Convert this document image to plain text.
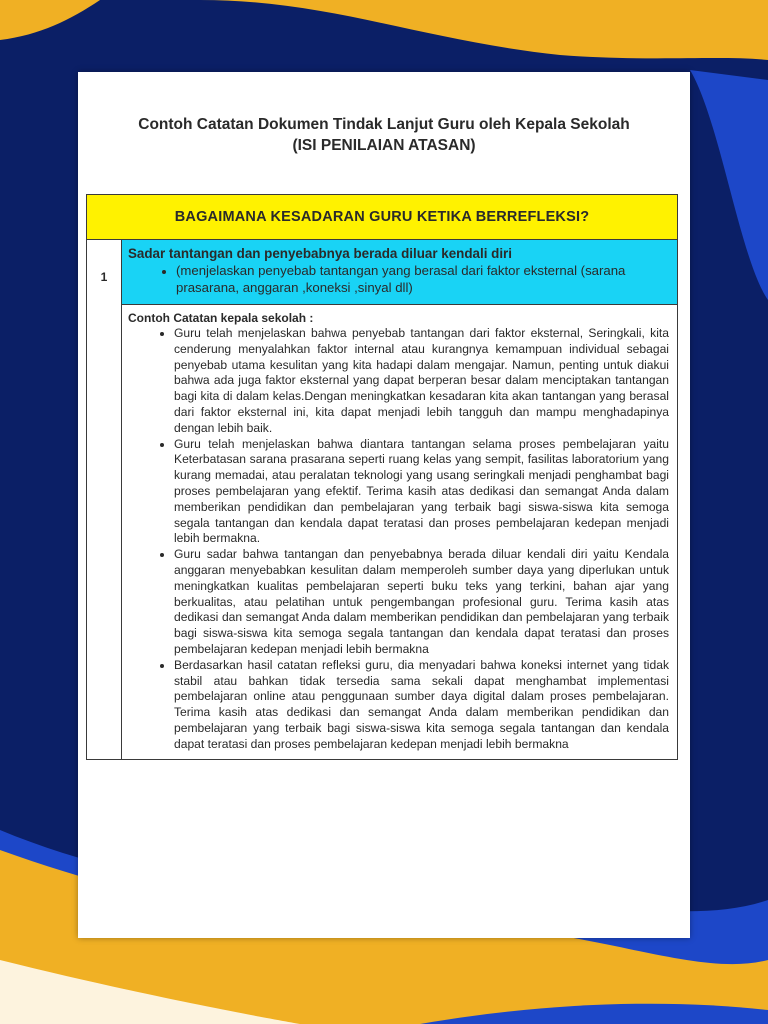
Contoh Catatan Dokumen Tindak Lanjut Guru oleh Kepala Sekolah
(ISI PENILAIAN ATASAN)
BAGAIMANA KESADARAN GURU KETIKA BERREFLEKSI?
1
Sadar tantangan dan penyebabnya berada diluar kendali diri
• (menjelaskan penyebab tantangan yang berasal dari faktor eksternal (sarana prasarana, anggaran ,koneksi ,sinyal dll)
Contoh Catatan kepala sekolah :
• Guru telah menjelaskan bahwa penyebab tantangan dari faktor eksternal, Seringkali, kita cenderung menyalahkan faktor internal atau kurangnya kemampuan individual sebagai penyebab utama kesulitan yang kita hadapi dalam mengajar. Namun, penting untuk diakui bahwa ada juga faktor eksternal yang dapat berperan besar dalam menciptakan tantangan bagi kita di dalam kelas.Dengan meningkatkan kesadaran kita akan tantangan yang berasal dari faktor eksternal ini, kita dapat menjadi lebih tangguh dan mampu menghadapinya dengan lebih baik.
• Guru telah menjelaskan bahwa diantara tantangan selama proses pembelajaran yaitu Keterbatasan sarana prasarana seperti ruang kelas yang sempit, fasilitas laboratorium yang kurang memadai, atau peralatan teknologi yang usang seringkali menjadi penghambat bagi proses pembelajaran yang efektif. Terima kasih atas dedikasi dan semangat Anda dalam memberikan pendidikan dan pembelajaran yang terbaik bagi siswa-siswa kita semoga segala tantangan dan kendala dapat teratasi dan proses pembelajaran kedepan menjadi lebih bermakna.
• Guru sadar bahwa tantangan dan penyebabnya berada diluar kendali diri yaitu Kendala anggaran menyebabkan kesulitan dalam memperoleh sumber daya yang diperlukan untuk meningkatkan kualitas pembelajaran seperti buku teks yang terkini, bahan ajar yang berkualitas, atau pelatihan untuk pengembangan profesional guru. Terima kasih atas dedikasi dan semangat Anda dalam memberikan pendidikan dan pembelajaran yang terbaik bagi siswa-siswa kita semoga segala tantangan dan kendala dapat teratasi dan proses pembelajaran kedepan menjadi lebih bermakna
• Berdasarkan hasil catatan refleksi guru, dia menyadari bahwa koneksi internet yang tidak stabil atau bahkan tidak tersedia sama sekali dapat menghambat implementasi pembelajaran online atau penggunaan sumber daya digital dalam proses pembelajaran. Terima kasih atas dedikasi dan semangat Anda dalam memberikan pendidikan dan pembelajaran yang terbaik bagi siswa-siswa kita semoga segala tantangan dan kendala dapat teratasi dan proses pembelajaran kedepan menjadi lebih bermakna
